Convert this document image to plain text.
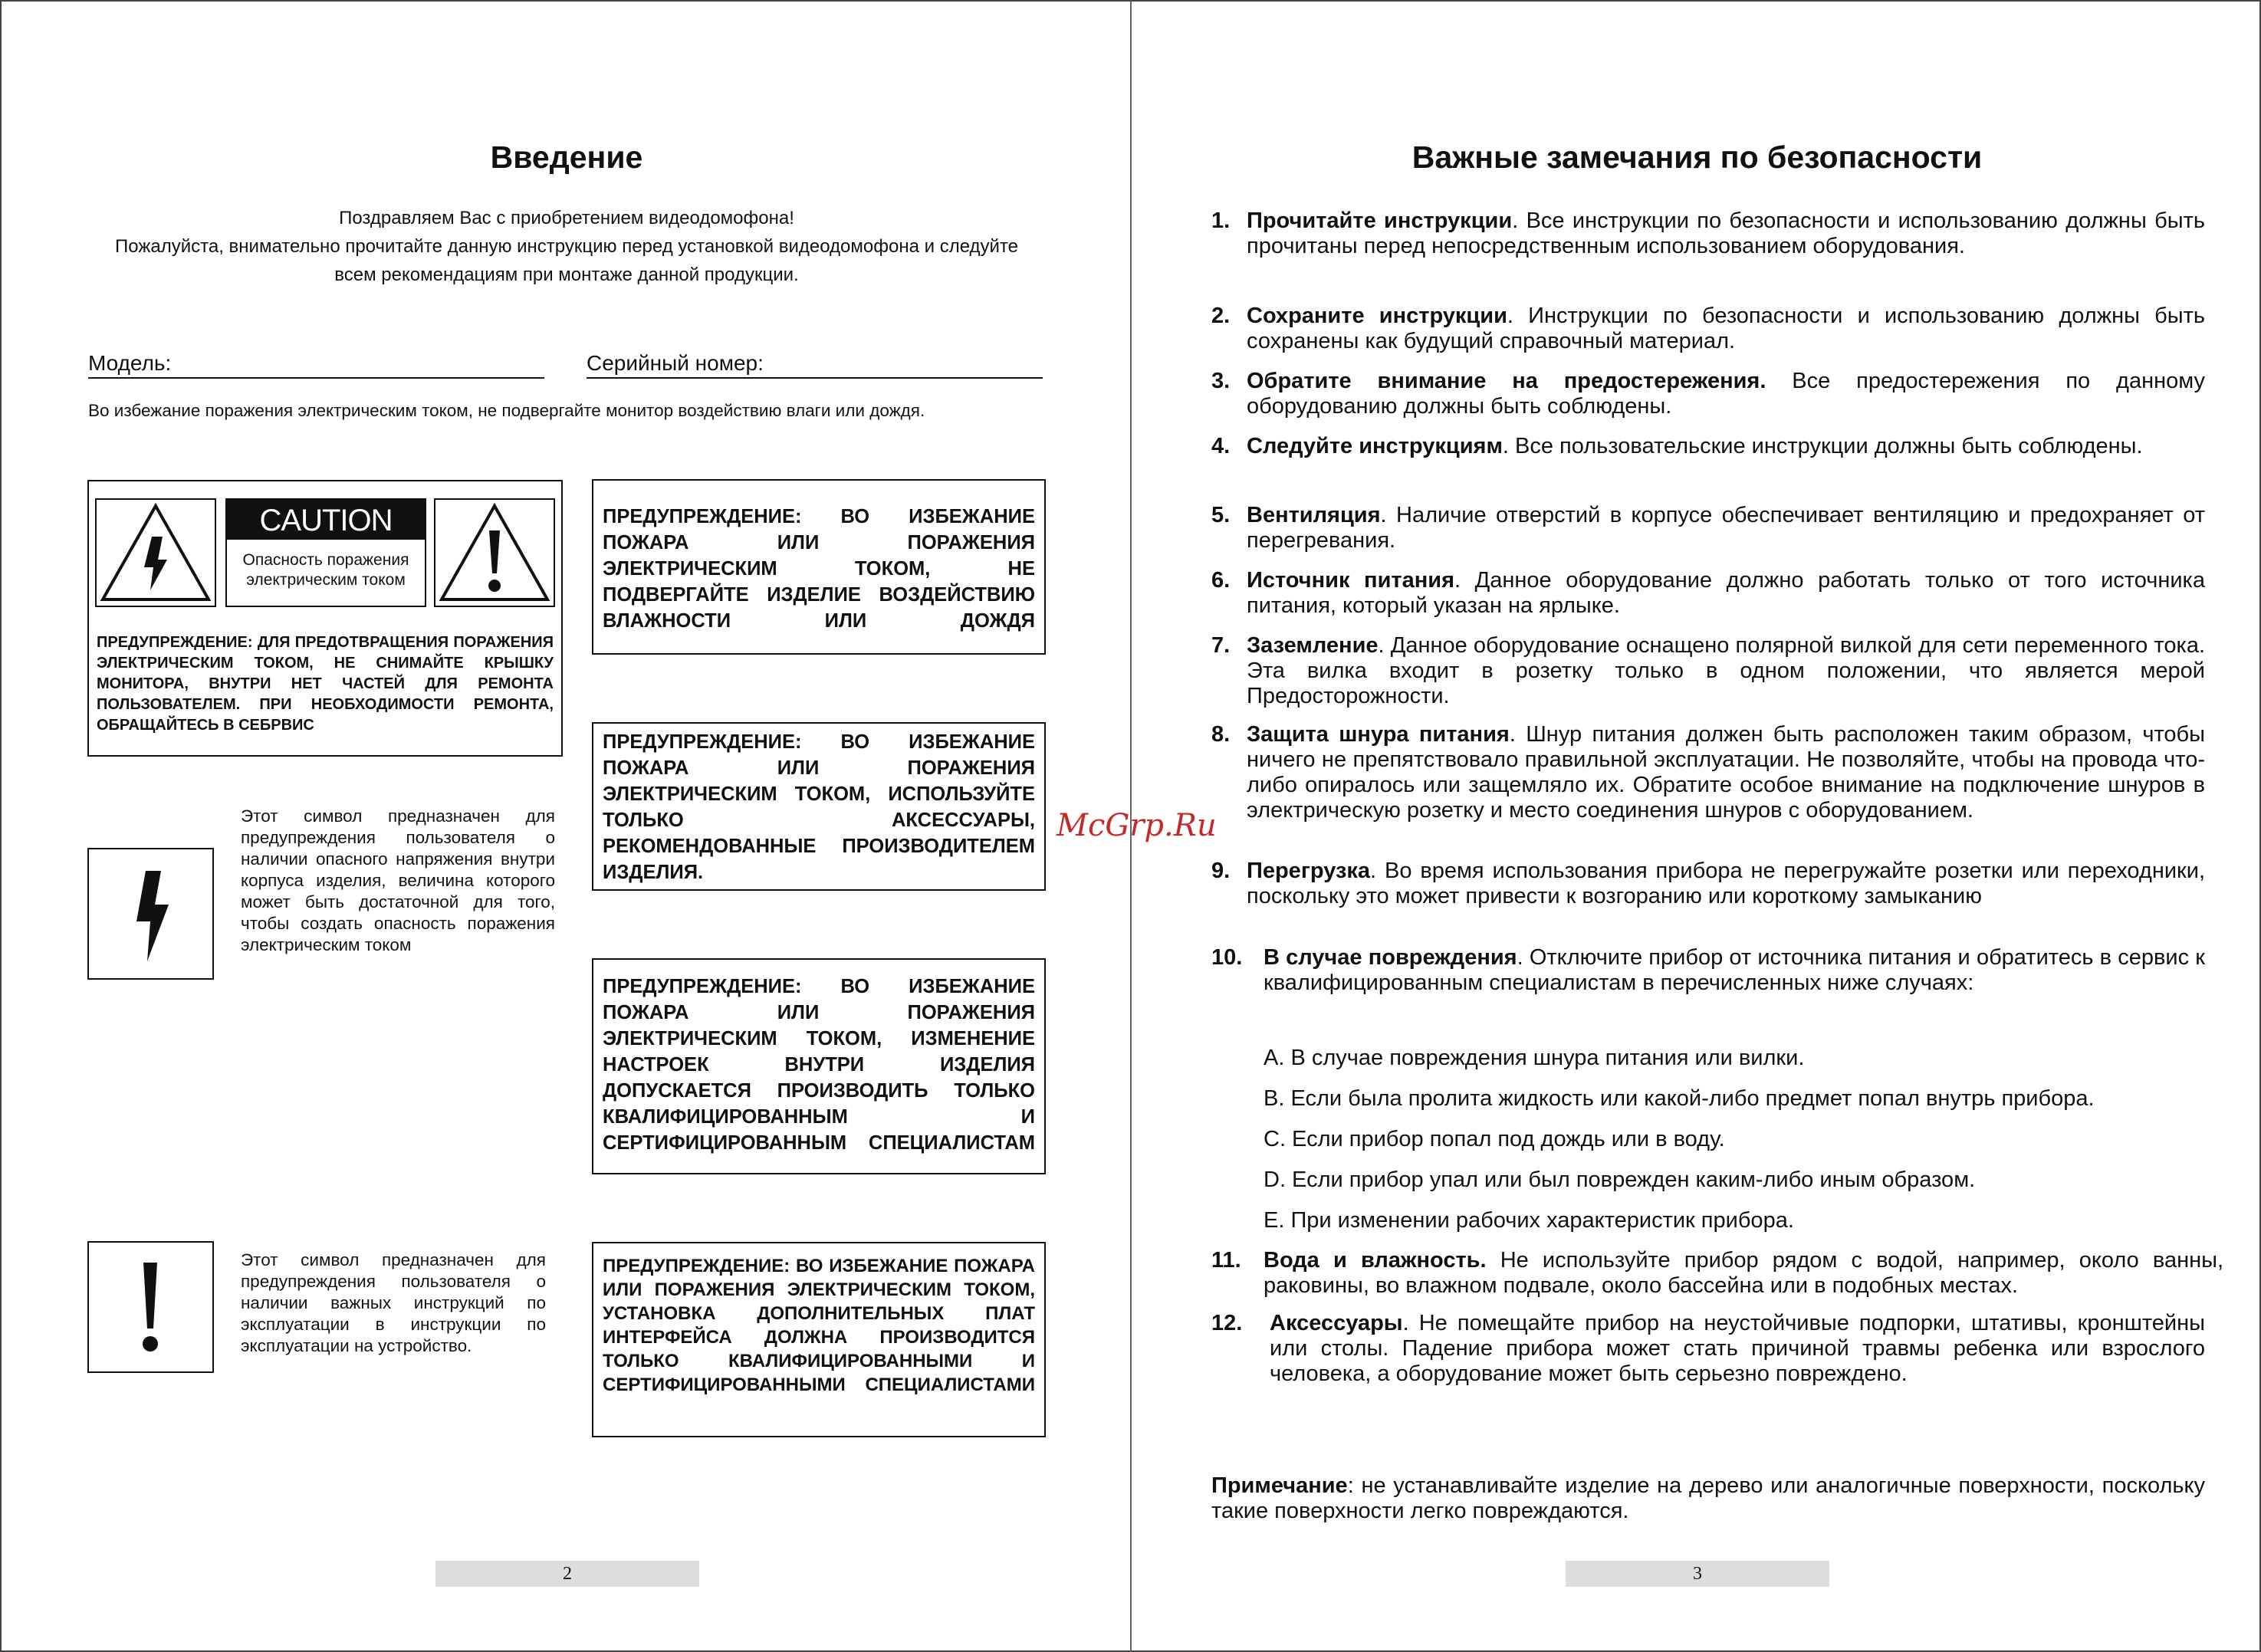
Введение
Поздравляем Вас с приобретением видеодомофона!
Пожалуйста, внимательно прочитайте данную инструкцию перед установкой видеодомофона и следуйте
всем рекомендациям при монтаже данной продукции.
Модель:	Серийный номер:
Во избежание поражения электрическим током, не подвергайте монитор воздействию влаги или дождя.
CAUTION
Опасность поражения
электрическим током
ПРЕДУПРЕЖДЕНИЕ: ДЛЯ ПРЕДОТВРАЩЕНИЯ ПОРАЖЕНИЯ ЭЛЕКТРИЧЕСКИМ ТОКОМ, НЕ СНИМАЙТЕ КРЫШКУ МОНИТОРА, ВНУТРИ НЕТ ЧАСТЕЙ ДЛЯ РЕМОНТА ПОЛЬЗОВАТЕЛЕМ. ПРИ НЕОБХОДИМОСТИ РЕМОНТА, ОБРАЩАЙТЕСЬ В СЕБРВИС
ПРЕДУПРЕЖДЕНИЕ: ВО ИЗБЕЖАНИЕ ПОЖАРА ИЛИ ПОРАЖЕНИЯ ЭЛЕКТРИЧЕСКИМ ТОКОМ, НЕ ПОДВЕРГАЙТЕ ИЗДЕЛИЕ ВОЗДЕЙСТВИЮ ВЛАЖНОСТИ ИЛИ ДОЖДЯ
ПРЕДУПРЕЖДЕНИЕ: ВО ИЗБЕЖАНИЕ ПОЖАРА ИЛИ ПОРАЖЕНИЯ ЭЛЕКТРИЧЕСКИМ ТОКОМ, ИСПОЛЬЗУЙТЕ ТОЛЬКО АКСЕССУАРЫ, РЕКОМЕНДОВАННЫЕ ПРОИЗВОДИТЕЛЕМ ИЗДЕЛИЯ.
ПРЕДУПРЕЖДЕНИЕ: ВО ИЗБЕЖАНИЕ ПОЖАРА ИЛИ ПОРАЖЕНИЯ ЭЛЕКТРИЧЕСКИМ ТОКОМ, ИЗМЕНЕНИЕ НАСТРОЕК ВНУТРИ ИЗДЕЛИЯ ДОПУСКАЕТСЯ ПРОИЗВОДИТЬ ТОЛЬКО КВАЛИФИЦИРОВАННЫМ И СЕРТИФИЦИРОВАННЫМ СПЕЦИАЛИСТАМ
ПРЕДУПРЕЖДЕНИЕ: ВО ИЗБЕЖАНИЕ ПОЖАРА ИЛИ ПОРАЖЕНИЯ ЭЛЕКТРИЧЕСКИМ ТОКОМ, УСТАНОВКА ДОПОЛНИТЕЛЬНЫХ ПЛАТ ИНТЕРФЕЙСА ДОЛЖНА ПРОИЗВОДИТСЯ ТОЛЬКО КВАЛИФИЦИРОВАННЫМИ И СЕРТИФИЦИРОВАННЫМИ СПЕЦИАЛИСТАМИ
Этот символ предназначен для предупреждения пользователя о наличии опасного напряжения внутри корпуса изделия, величина которого может быть достаточной для того, чтобы создать опасность поражения электрическим током
Этот символ предназначен для предупреждения пользователя о наличии важных инструкций по эксплуатации в инструкции по эксплуатации на устройство.
2
Важные замечания по безопасности
1. Прочитайте инструкции. Все инструкции по безопасности и использованию должны быть прочитаны перед непосредственным использованием оборудования.
2. Сохраните инструкции. Инструкции по безопасности и использованию должны быть сохранены как будущий справочный материал.
3. Обратите внимание на предостережения. Все предостережения по данному оборудованию должны быть соблюдены.
4. Следуйте инструкциям. Все пользовательские инструкции должны быть соблюдены.
5. Вентиляция. Наличие отверстий в корпусе обеспечивает вентиляцию и предохраняет от перегревания.
6. Источник питания. Данное оборудование должно работать только от того источника питания, который указан на ярлыке.
7. Заземление. Данное оборудование оснащено полярной вилкой для сети переменного тока. Эта вилка входит в розетку только в одном положении, что является мерой Предосторожности.
8. Защита шнура питания. Шнур питания должен быть расположен таким образом, чтобы ничего не препятствовало правильной эксплуатации. Не позволяйте, чтобы на провода что-либо опиралось или защемляло их. Обратите особое внимание на подключение шнуров в электрическую розетку и место соединения шнуров с оборудованием.
9. Перегрузка. Во время использования прибора не перегружайте розетки или переходники, поскольку это может привести к возгоранию или короткому замыканию
10. В случае повреждения. Отключите прибор от источника питания и обратитесь в сервис к квалифицированным специалистам в перечисленных ниже случаях:
A. В случае повреждения шнура питания или вилки.
B. Если была пролита жидкость или какой-либо предмет попал внутрь прибора.
C. Если прибор попал под дождь или в воду.
D. Если прибор упал или был поврежден каким-либо иным образом.
E. При изменении рабочих характеристик прибора.
11. Вода и влажность. Не используйте прибор рядом с водой, например, около ванны, раковины, во влажном подвале, около бассейна или в подобных местах.
12. Аксессуары. Не помещайте прибор на неустойчивые подпорки, штативы, кронштейны или столы. Падение прибора может стать причиной травмы ребенка или взрослого человека, а оборудование может быть серьезно повреждено.
Примечание: не устанавливайте изделие на дерево или аналогичные поверхности, поскольку такие поверхности легко повреждаются.
3
McGrp.Ru
